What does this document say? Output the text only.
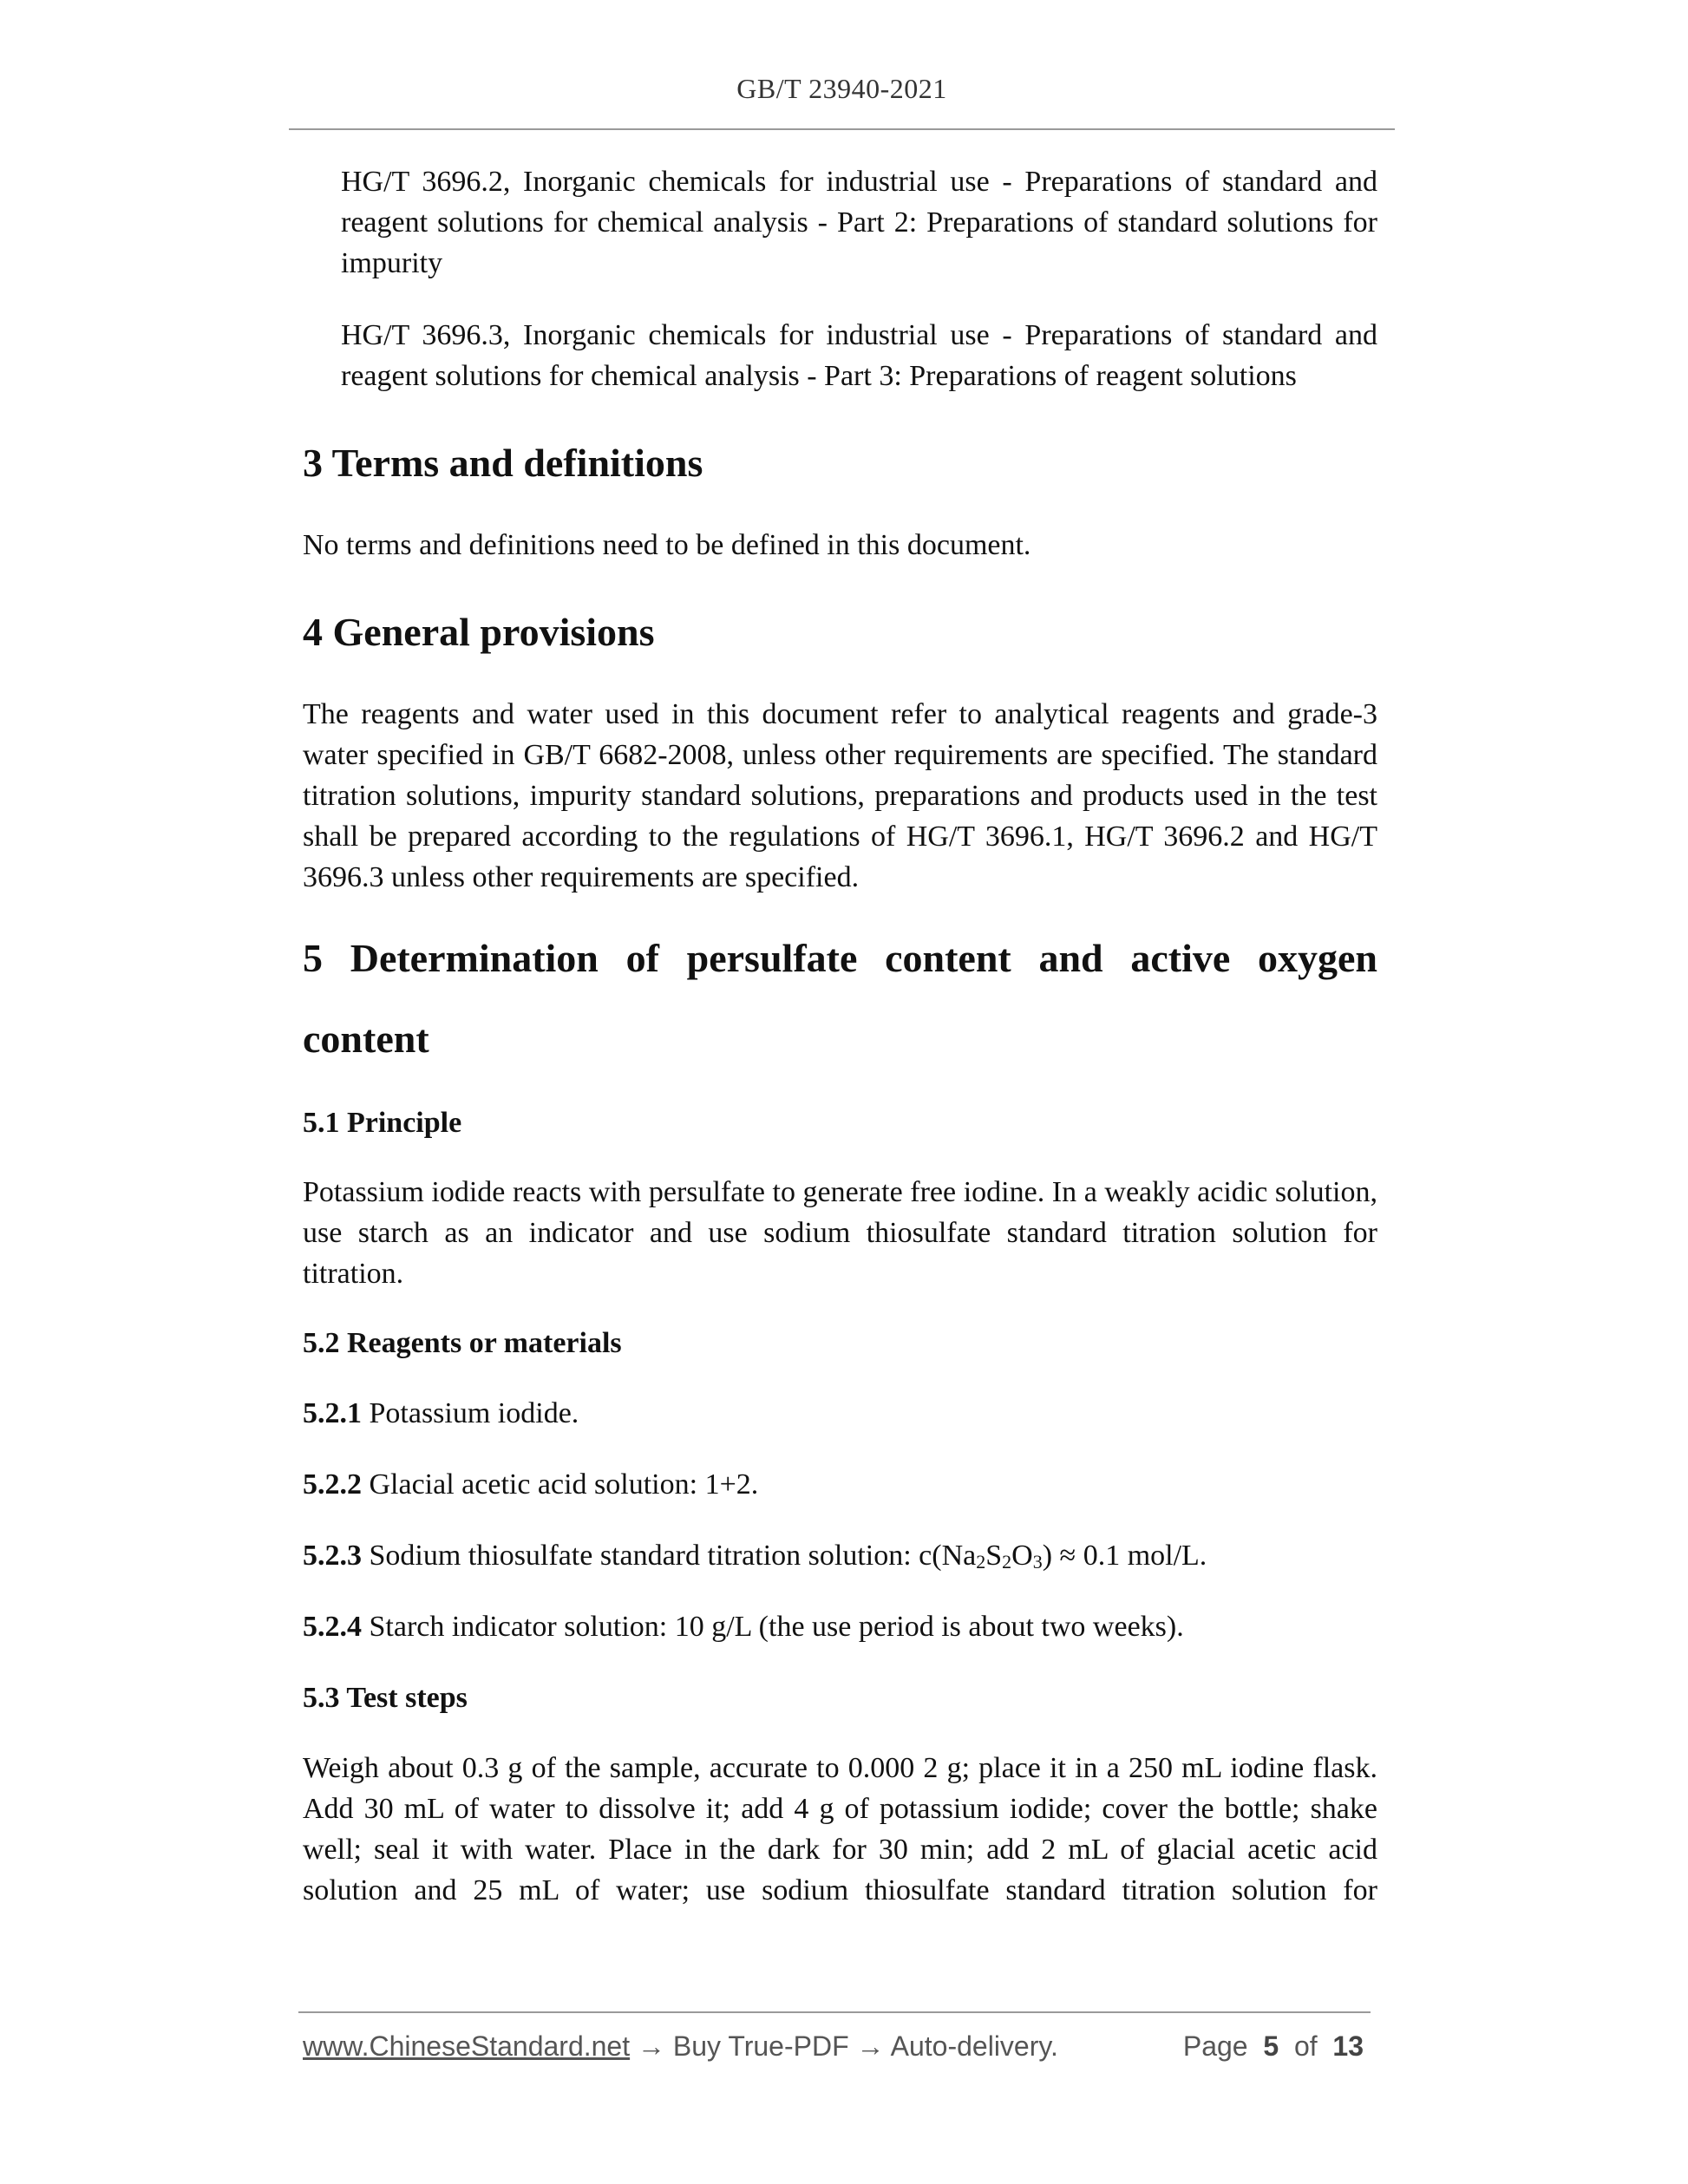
GB/T 23940-2021

HG/T 3696.2, Inorganic chemicals for industrial use - Preparations of standard and reagent solutions for chemical analysis - Part 2: Preparations of standard solutions for impurity

HG/T 3696.3, Inorganic chemicals for industrial use - Preparations of standard and reagent solutions for chemical analysis - Part 3: Preparations of reagent solutions

3 Terms and definitions

No terms and definitions need to be defined in this document.

4 General provisions

The reagents and water used in this document refer to analytical reagents and grade-3 water specified in GB/T 6682-2008, unless other requirements are specified. The standard titration solutions, impurity standard solutions, preparations and products used in the test shall be prepared according to the regulations of HG/T 3696.1, HG/T 3696.2 and HG/T 3696.3 unless other requirements are specified.

5 Determination of persulfate content and active oxygen content
5.1 Principle

Potassium iodide reacts with persulfate to generate free iodine. In a weakly acidic solution, use starch as an indicator and use sodium thiosulfate standard titration solution for titration.

5.2 Reagents or materials

5.2.1 Potassium iodide.

5.2.2 Glacial acetic acid solution: 1+2.

5.2.3 Sodium thiosulfate standard titration solution: $c(Na_2S_2O_3) \approx 0.1$ mol/L.

5.2.4 Starch indicator solution: 10 g/L (the use period is about two weeks).

5.3 Test steps

Weigh about 0.3 g of the sample, accurate to 0.000 2 g; place it in a 250 mL iodine flask. Add 30 mL of water to dissolve it; add 4 g of potassium iodide; cover the bottle; shake well; seal it with water. Place in the dark for 30 min; add 2 mL of glacial acetic acid solution and 25 mL of water; use sodium thiosulfate standard titration solution for

www.ChineseStandard.net → Buy True-PDF → Auto-delivery.	Page 5 of 13
